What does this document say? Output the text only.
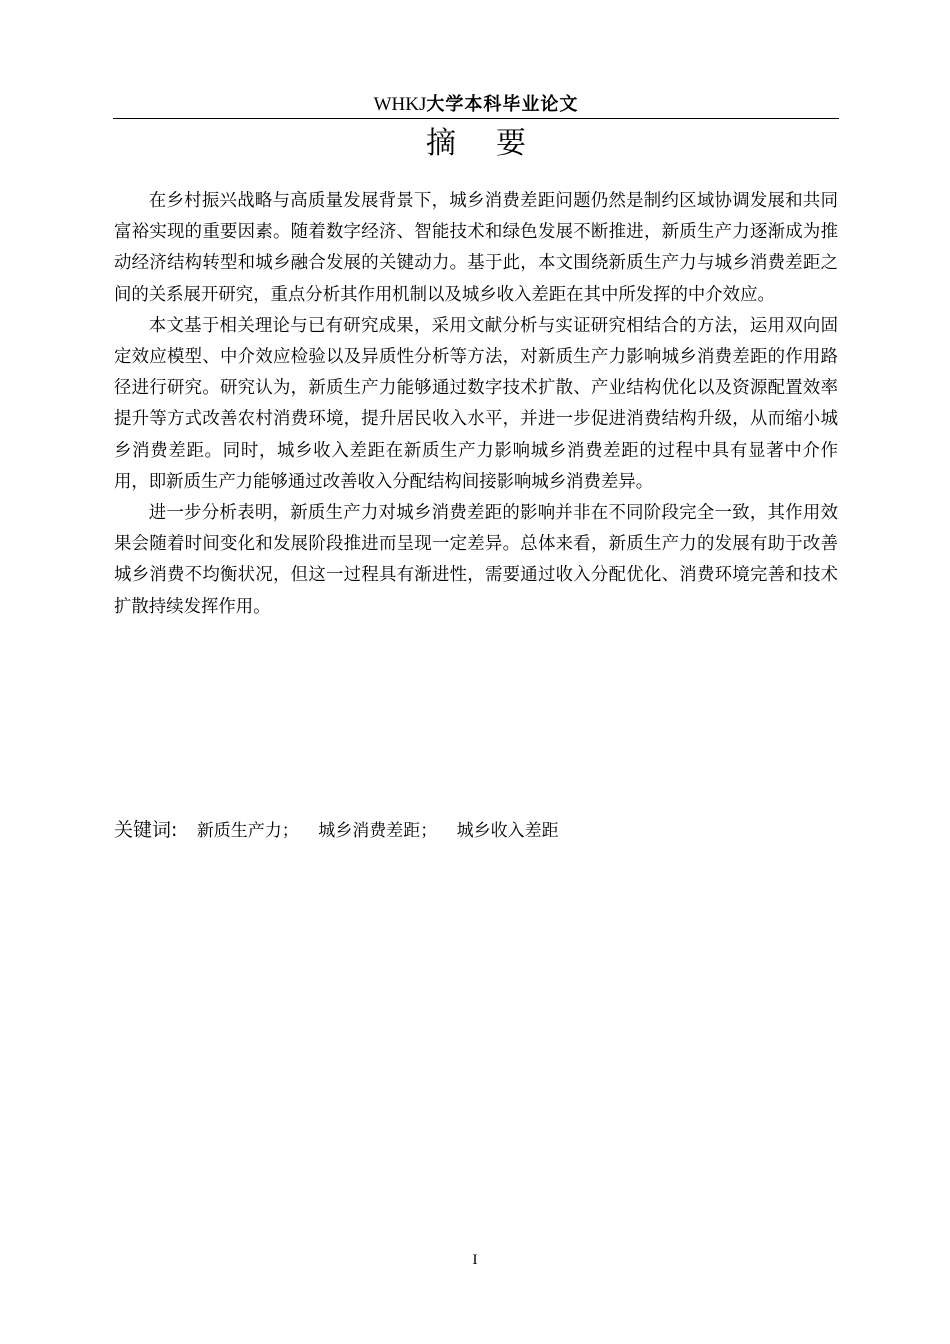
WHKJ大学本科毕业论文
摘要

在乡村振兴战略与高质量发展背景下，城乡消费差距问题仍然是制约区域协调发展和共同富裕实现的重要因素。随着数字经济、智能技术和绿色发展不断推进，新质生产力逐渐成为推动经济结构转型和城乡融合发展的关键动力。基于此，本文围绕新质生产力与城乡消费差距之间的关系展开研究，重点分析其作用机制以及城乡收入差距在其中所发挥的中介效应。

本文基于相关理论与已有研究成果，采用文献分析与实证研究相结合的方法，运用双向固定效应模型、中介效应检验以及异质性分析等方法，对新质生产力影响城乡消费差距的作用路径进行研究。研究认为，新质生产力能够通过数字技术扩散、产业结构优化以及资源配置效率提升等方式改善农村消费环境，提升居民收入水平，并进一步促进消费结构升级，从而缩小城乡消费差距。同时，城乡收入差距在新质生产力影响城乡消费差距的过程中具有显著中介作用，即新质生产力能够通过改善收入分配结构间接影响城乡消费差异。

进一步分析表明，新质生产力对城乡消费差距的影响并非在不同阶段完全一致，其作用效果会随着时间变化和发展阶段推进而呈现一定差异。总体来看，新质生产力的发展有助于改善城乡消费不均衡状况，但这一过程具有渐进性，需要通过收入分配优化、消费环境完善和技术扩散持续发挥作用。

关键词: 新质生产力； 城乡消费差距； 城乡收入差距
I
